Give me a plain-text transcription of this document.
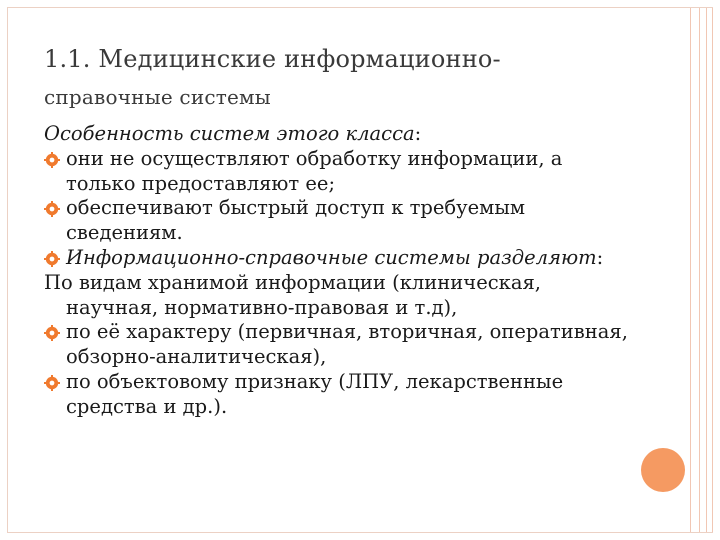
1.1. Медицинские информационно-
справочные системы

Особенность систем этого класса:

они не осуществляют обработку информации, а только предоставляют ее;

обеспечивают быстрый доступ к требуемым сведениям.

Информационно-справочные системы разделяют:

По видам хранимой информации (клиническая, научная, нормативно-правовая и т.д),

по её характеру (первичная, вторичная, оперативная, обзорно-аналитическая),

по объектовому признаку (ЛПУ, лекарственные средства и др.).
